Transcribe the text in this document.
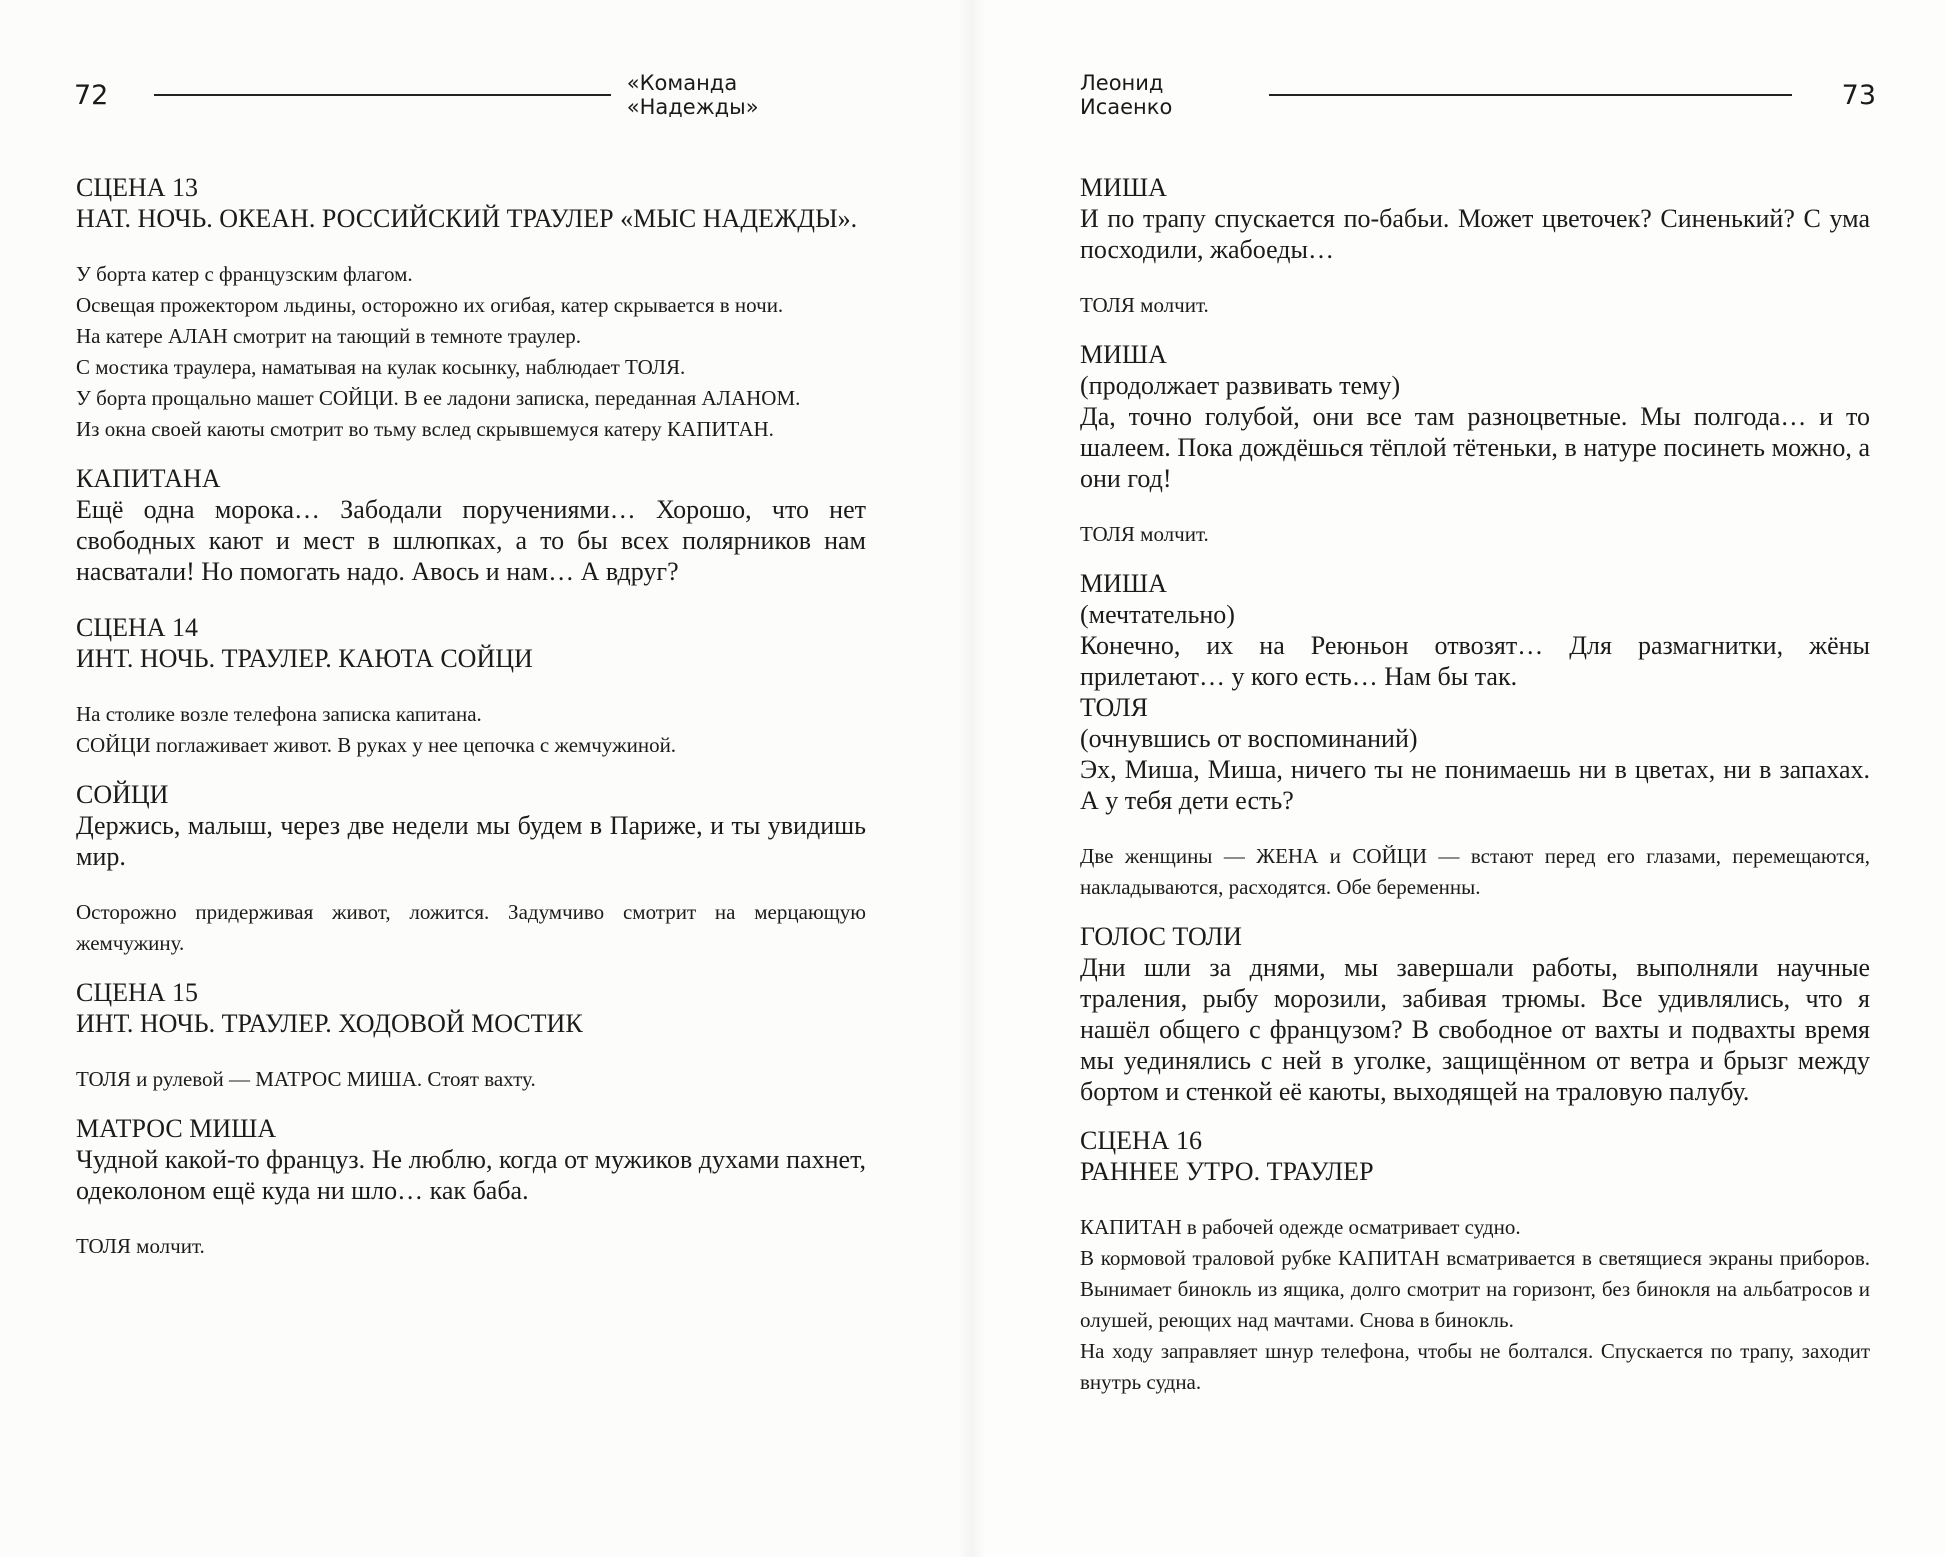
72	«Команда «Надежды»

СЦЕНА 13

НАТ. НОЧЬ. ОКЕАН. РОССИЙСКИЙ ТРАУЛЕР «МЫС НАДЕЖДЫ».

У борта катер с французским флагом.

Освещая прожектором льдины, осторожно их огибая, катер скрывается в ночи.

На катере АЛАН смотрит на тающий в темноте траулер.

С мостика траулера, наматывая на кулак косынку, наблюдает ТОЛЯ.

У борта прощально машет СОЙЦИ. В ее ладони записка, переданная АЛАНОМ.

Из окна своей каюты смотрит во тьму вслед скрывшемуся катеру КАПИТАН.

КАПИТАНА

Ещё одна морока… Забодали поручениями… Хорошо, что нет свободных кают и мест в шлюпках, а то бы всех полярников нам насватали! Но помогать надо. Авось и нам… А вдруг?

СЦЕНА 14

ИНТ. НОЧЬ. ТРАУЛЕР. КАЮТА СОЙЦИ

На столике возле телефона записка капитана.

СОЙЦИ поглаживает живот. В руках у нее цепочка с жемчужиной.

СОЙЦИ

Держись, малыш, через две недели мы будем в Париже, и ты увидишь мир.

Осторожно придерживая живот, ложится. Задумчиво смотрит на мерцающую жемчужину.

СЦЕНА 15

ИНТ. НОЧЬ. ТРАУЛЕР. ХОДОВОЙ МОСТИК

ТОЛЯ и рулевой — МАТРОС МИША. Стоят вахту.

МАТРОС МИША

Чудной какой-то француз. Не люблю, когда от мужиков духами пахнет, одеколоном ещё куда ни шло… как баба.

ТОЛЯ молчит.

Леонид Исаенко	73

МИША

И по трапу спускается по-бабьи. Может цветочек? Синенький? С ума посходили, жабоеды…

ТОЛЯ молчит.

МИША

(продолжает развивать тему)

Да, точно голубой, они все там разноцветные. Мы полгода… и то шалеем. Пока дождёшься тёплой тётеньки, в натуре посинеть можно, а они год!

ТОЛЯ молчит.

МИША

(мечтательно)

Конечно, их на Реюньон отвозят… Для размагнитки, жёны прилетают… у кого есть… Нам бы так.

ТОЛЯ

(очнувшись от воспоминаний)

Эх, Миша, Миша, ничего ты не понимаешь ни в цветах, ни в запахах. А у тебя дети есть?

Две женщины — ЖЕНА и СОЙЦИ — встают перед его глазами, перемещаются, накладываются, расходятся. Обе беременны.

ГОЛОС ТОЛИ

Дни шли за днями, мы завершали работы, выполняли научные траления, рыбу морозили, забивая трюмы. Все удивлялись, что я нашёл общего с французом? В свободное от вахты и подвахты время мы уединялись с ней в уголке, защищённом от ветра и брызг между бортом и стенкой её каюты, выходящей на траловую палубу.

СЦЕНА 16

РАННЕЕ УТРО. ТРАУЛЕР

КАПИТАН в рабочей одежде осматривает судно.

В кормовой траловой рубке КАПИТАН всматривается в светящиеся экраны приборов. Вынимает бинокль из ящика, долго смотрит на горизонт, без бинокля на альбатросов и олушей, реющих над мачтами. Снова в бинокль.

На ходу заправляет шнур телефона, чтобы не болтался. Спускается по трапу, заходит внутрь судна.
